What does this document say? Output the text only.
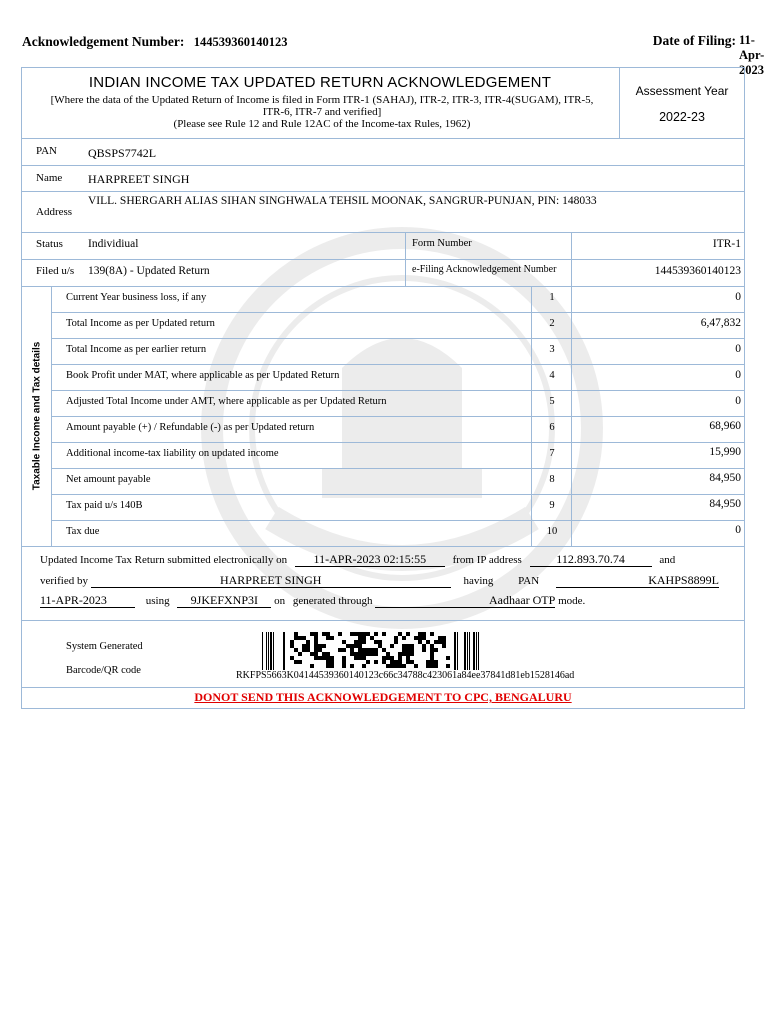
Acknowledgement Number: 144539360140123	Date of Filing: 11-Apr-2023
INDIAN INCOME TAX UPDATED RETURN ACKNOWLEDGEMENT
[Where the data of the Updated Return of Income is filed in Form ITR-1 (SAHAJ), ITR-2, ITR-3, ITR-4(SUGAM), ITR-5,
ITR-6, ITR-7 and verified]
(Please see Rule 12 and Rule 12AC of the Income-tax Rules, 1962)
Assessment Year
2022-23
PAN	QBSPS7742L
Name HARPREET SINGH
Address
VILL. SHERGARH ALIAS SIHAN SINGHWALA TEHSIL MOONAK, SANGRUR-PUNJAN, PIN: 148033
Status Individiual	Form Number	ITR-1
Filed u/s 139(8A) - Updated Return	e-Filing Acknowledgement Number	144539360140123
Taxable Income and Tax details
Current Year business loss, if any	1	0
Total Income as per Updated return	2	6,47,832
Total Income as per earlier return	3	0
Book Profit under MAT, where applicable as per Updated Return	4	0
Adjusted Total Income under AMT, where applicable as per Updated Return	5	0
Amount payable (+) / Refundable (-) as per Updated return	6	68,960
Additional income-tax liability on updated income	7	15,990
Net amount payable	8	84,950
Tax paid u/s 140B	9	84,950
Tax due	10	0
Updated Income Tax Return submitted electronically on 11-APR-2023 02:15:55 from IP address	112.893.70.74	and
verified by	HARPREET SINGH	having PAN	KAHPS8899L
11-APR-2023	using 9JKEFXNP3I on generated through	Aadhaar OTP mode.
System Generated
Barcode/QR code	RKFPS5663K04144539360140123c66c34788c423061a84ee37841d81eb1528146ad
DONOT SEND THIS ACKNOWLEDGEMENT TO CPC, BENGALURU
